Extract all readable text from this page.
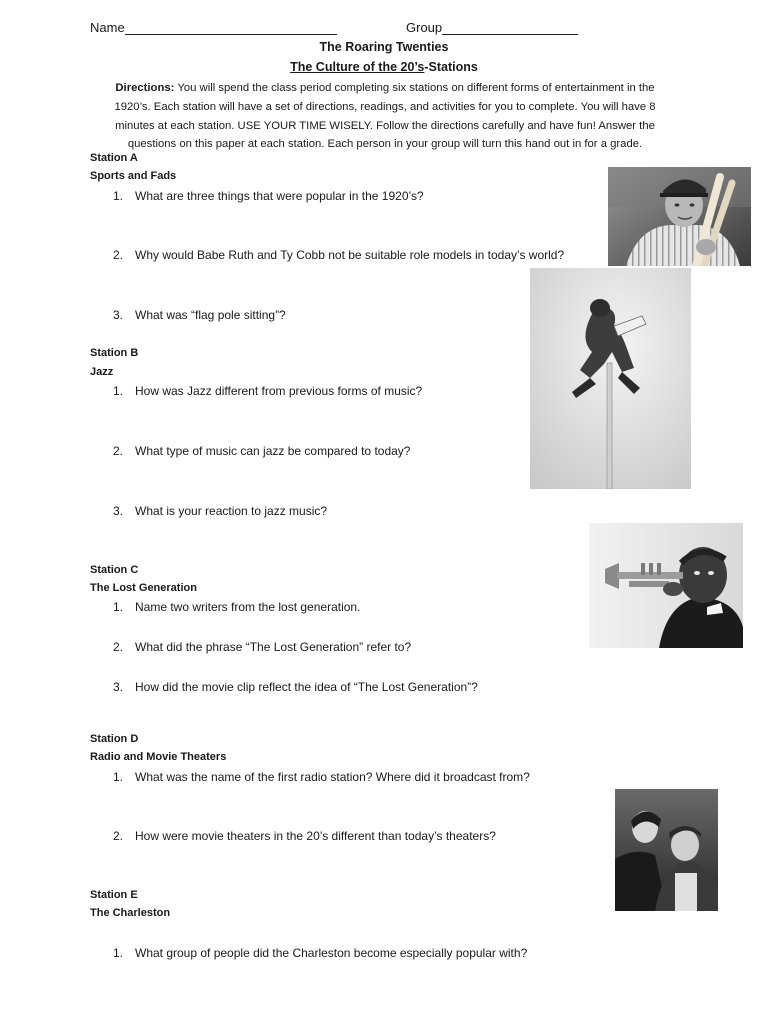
Name	Group
The Roaring Twenties
The Culture of the 20’s-Stations
Directions: You will spend the class period completing six stations on different forms of entertainment in the 1920’s. Each station will have a set of directions, readings, and activities for you to complete. You will have 8 minutes at each station. USE YOUR TIME WISELY. Follow the directions carefully and have fun! Answer the questions on this paper at each station. Each person in your group will turn this hand out in for a grade.
Station A
Sports and Fads
1. What are three things that were popular in the 1920’s?
2. Why would Babe Ruth and Ty Cobb not be suitable role models in today’s world?
3. What was “flag pole sitting”?
Station B
Jazz
1. How was Jazz different from previous forms of music?
2. What type of music can jazz be compared to today?
3. What is your reaction to jazz music?
Station C
The Lost Generation
1. Name two writers from the lost generation.
2. What did the phrase “The Lost Generation” refer to?
3. How did the movie clip reflect the idea of “The Lost Generation”?
Station D
Radio and Movie Theaters
1. What was the name of the first radio station? Where did it broadcast from?
2. How were movie theaters in the 20’s different than today’s theaters?
Station E
The Charleston
1. What group of people did the Charleston become especially popular with?
